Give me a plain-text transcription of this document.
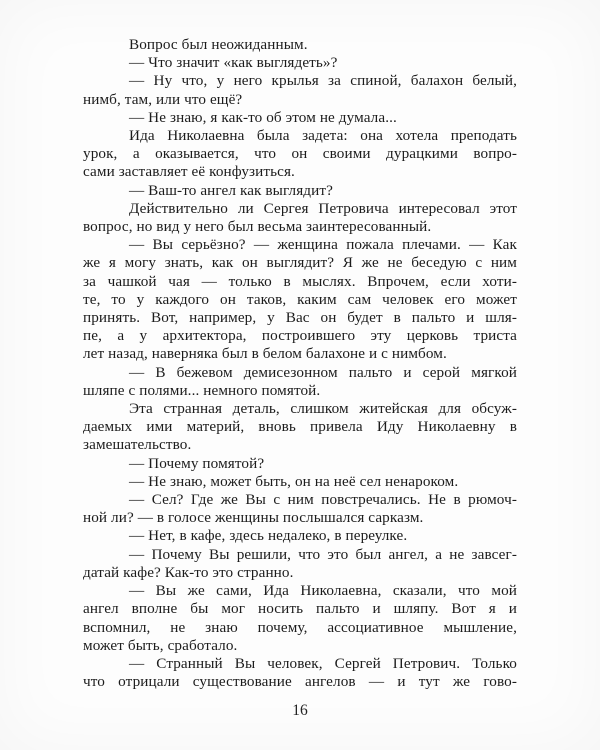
Вопрос был неожиданным.
— Что значит «как выглядеть»?
— Ну что, у него крылья за спиной, балахон белый,
нимб, там, или что ещё?
— Не знаю, я как-то об этом не думала...
Ида Николаевна была задета: она хотела преподать
урок, а оказывается, что он своими дурацкими вопро-
сами заставляет её конфузиться.
— Ваш-то ангел как выглядит?
Действительно ли Сергея Петровича интересовал этот
вопрос, но вид у него был весьма заинтересованный.
— Вы серьёзно? — женщина пожала плечами. — Как
же я могу знать, как он выглядит? Я же не беседую с ним
за чашкой чая — только в мыслях. Впрочем, если хоти-
те, то у каждого он таков, каким сам человек его может
принять. Вот, например, у Вас он будет в пальто и шля-
пе, а у архитектора, построившего эту церковь триста
лет назад, наверняка был в белом балахоне и с нимбом.
— В бежевом демисезонном пальто и серой мягкой
шляпе с полями... немного помятой.
Эта странная деталь, слишком житейская для обсуж-
даемых ими материй, вновь привела Иду Николаевну в
замешательство.
— Почему помятой?
— Не знаю, может быть, он на неё сел ненароком.
— Сел? Где же Вы с ним повстречались. Не в рюмоч-
ной ли? — в голосе женщины послышался сарказм.
— Нет, в кафе, здесь недалеко, в переулке.
— Почему Вы решили, что это был ангел, а не завсег-
датай кафе? Как-то это странно.
— Вы же сами, Ида Николаевна, сказали, что мой
ангел вполне бы мог носить пальто и шляпу. Вот я и
вспомнил, не знаю почему, ассоциативное мышление,
может быть, сработало.
— Странный Вы человек, Сергей Петрович. Только
что отрицали существование ангелов — и тут же гово-
16
